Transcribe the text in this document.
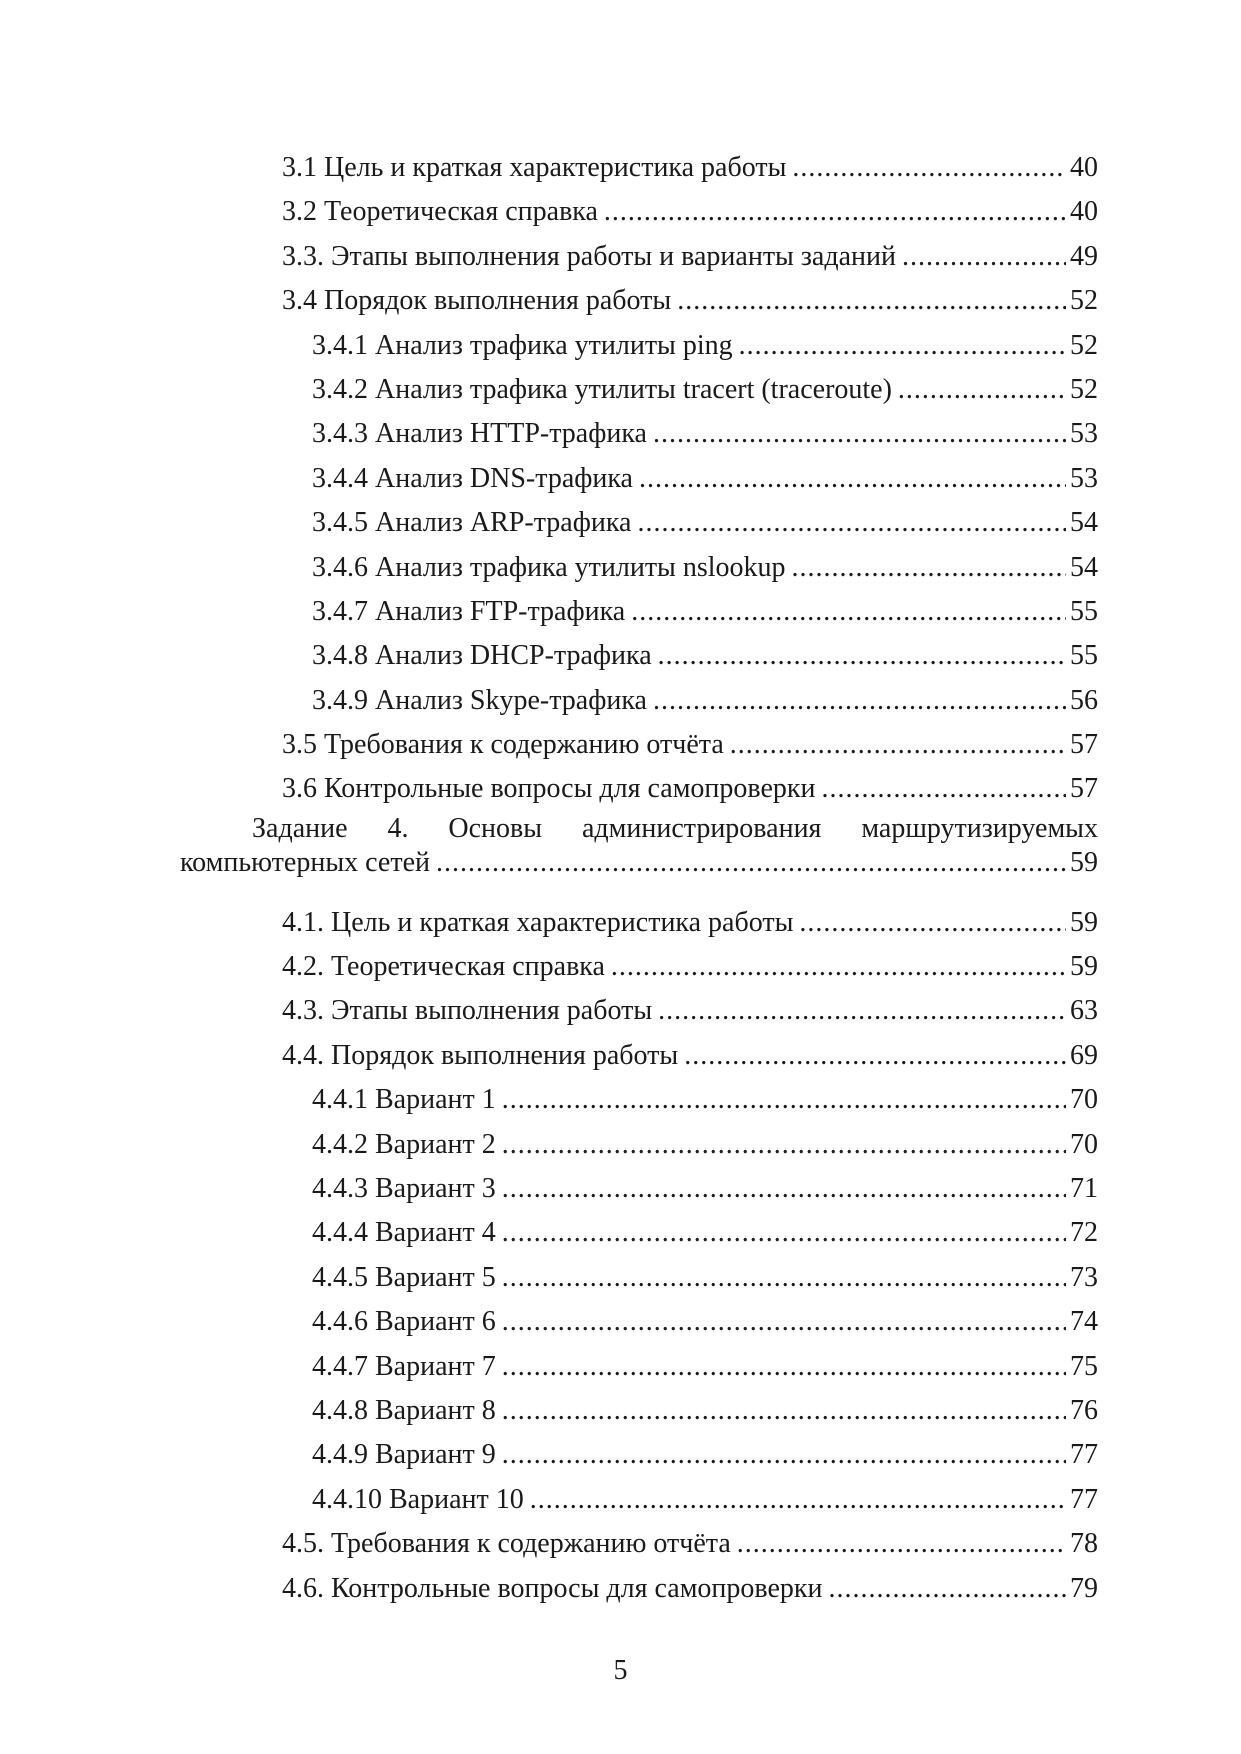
3.1 Цель и краткая характеристика работы .....	40
3.2 Теоретическая справка .....	40
3.3. Этапы выполнения работы и варианты заданий .....	49
3.4 Порядок выполнения работы .....	52
3.4.1 Анализ трафика утилиты ping .....	52
3.4.2 Анализ трафика утилиты tracert (traceroute) .....	52
3.4.3 Анализ HTTP-трафика .....	53
3.4.4 Анализ DNS-трафика .....	53
3.4.5 Анализ ARP-трафика .....	54
3.4.6 Анализ трафика утилиты nslookup .....	54
3.4.7 Анализ FTP-трафика .....	55
3.4.8 Анализ DHCP-трафика .....	55
3.4.9 Анализ Skype-трафика .....	56
3.5 Требования к содержанию отчёта .....	57
3.6 Контрольные вопросы для самопроверки .....	57
Задание 4. Основы администрирования маршрутизируемых
компьютерных сетей .....	59
4.1. Цель и краткая характеристика работы .....	59
4.2. Теоретическая справка .....	59
4.3. Этапы выполнения работы .....	63
4.4. Порядок выполнения работы .....	69
4.4.1 Вариант 1 .....	70
4.4.2 Вариант 2 .....	70
4.4.3 Вариант 3 .....	71
4.4.4 Вариант 4 .....	72
4.4.5 Вариант 5 .....	73
4.4.6 Вариант 6 .....	74
4.4.7 Вариант 7 .....	75
4.4.8 Вариант 8 .....	76
4.4.9 Вариант 9 .....	77
4.4.10 Вариант 10 .....	77
4.5. Требования к содержанию отчёта .....	78
4.6. Контрольные вопросы для самопроверки .....	79
5
